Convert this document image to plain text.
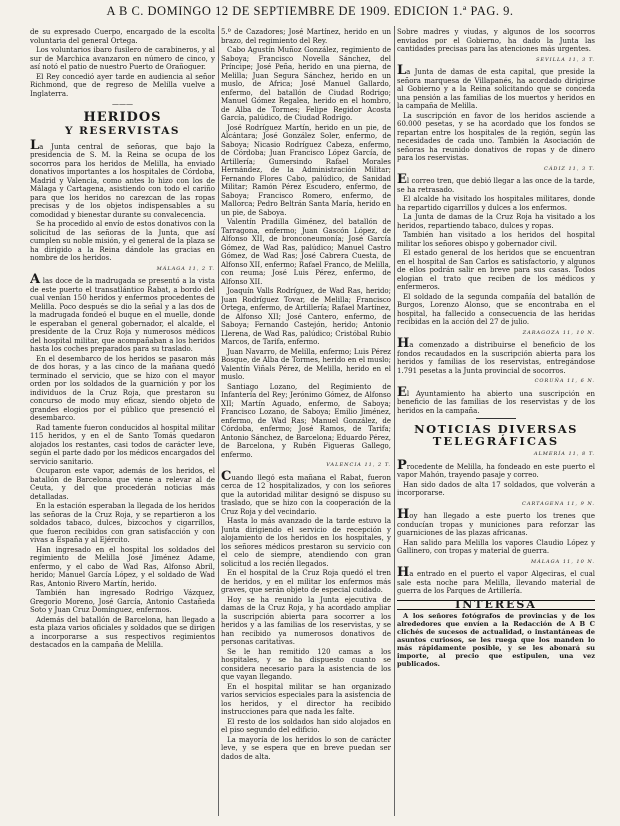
A B C. DOMINGO 12 DE SEPTIEMBRE DE 1909. EDICION 1.ª PAG. 9.

de su expresado Cuerpo, encargado de la escolta voluntaria del general Ortega.

Los voluntarios ibaro fusilero de carabineros, y al sur de Marchica avanzaron en número de cinco, y así notó el patio de nuestro Puerto de Orañoguer.

El Rey concedió ayer tarde en audiencia al señor Richmond, que de regreso de Melilla vuelve a Inglaterra.

———
HERIDOS
Y RESERVISTAS

La Junta central de señoras, que bajo la presidencia de S. M. la Reina se ocupa de los socorros para los heridos de Melilla, ha enviado donativos importantes a los hospitales de Córdoba, Madrid y Valencia, como antes lo hizo con los de Málaga y Cartagena, asistiendo con todo el cariño para que los heridos no carezcan de las ropas precisas y de los objetos indispensables a su comodidad y bienestar durante su convalecencia.

Se ha procedido al envío de estos donativos con la solicitud de las señoras de la Junta, que así cumplen su noble misión, y el general de la plaza se ha dirigido a la Reina dándole las gracias en nombre de los heridos.

MÁLAGA 11, 2 T.

A las doce de la madrugada se presentó a la vista de este puerto el transatlántico Rabat, a bordo del cual venían 150 heridos y enfermos procedentes de Melilla. Poco después se dio la señal y a las dos de la madrugada fondeó el buque en el muelle, donde le esperaban el general gobernador, el alcalde, el presidente de la Cruz Roja y numerosos médicos del hospital militar, que acompañaban a los heridos hasta los coches preparados para su traslado.

En el desembarco de los heridos se pasaron más de dos horas, y a las cinco de la mañana quedó terminado el servicio, que se hizo con el mayor orden por los soldados de la guarnición y por los individuos de la Cruz Roja, que prestaron su concurso de modo muy eficaz, siendo objeto de grandes elogios por el público que presenció el desembarco.

Rad tamente fueron conducidos al hospital militar 115 heridos, y en el de Santo Tomás quedaron alojados los restantes, casi todos de carácter leve, según el parte dado por los médicos encargados del servicio sanitario.

Ocuparon este vapor, además de los heridos, el batallón de Barcelona que viene a relevar al de Ceuta, y del que procederán noticias más detalladas.

En la estación esperaban la llegada de los heridos las señoras de la Cruz Roja, y se repartieron a los soldados tabaco, dulces, bizcochos y cigarrillos, que fueron recibidos con gran satisfacción y con vivas a España y al Ejército.

Han ingresado en el hospital los soldados del regimiento de Melilla José Jiménez Adame, enfermo, y el cabo de Wad Ras, Alfonso Abril, herido; Manuel García López, y el soldado de Wad Ras, Antonio Rivero Martín, herido.

También han ingresado Rodrigo Vázquez, Gregorio Moreno, José García, Antonio Castañeda Soto y Juan Cruz Domínguez, enfermos.

Además del batallón de Barcelona, han llegado a esta plaza varios oficiales y soldados que se dirigen a incorporarse a sus respectivos regimientos destacados en la campaña de Melilla.

5.º de Cazadores; José Martínez, herido en un brazo, del regimiento del Rey.

Cabo Agustín Muñoz González, regimiento de Saboya; Francisco Novella Sánchez, del Príncipe; José Peña, herido en una pierna, de Melilla; Juan Segura Sánchez, herido en un muslo, de Africa; José Manuel Gallardo, enfermo, del batallón de Ciudad Rodrigo; Manuel Gómez Regalea, herido en el hombro, de Alba de Tormes; Felipe Regidor Acosta García, palúdico, de Ciudad Rodrigo.

José Rodríguez Martín, herido en un pie, de Alcántara; José González Soler, enfermo, de Saboya; Nicasio Rodríguez Cabeza, enfermo, de Córdoba; Juan Francisco López García, de Artillería; Gumersindo Rafael Morales Hernández, de la Administración Militar; Fernando Flores Cabo, palúdico, de Sanidad Militar; Ramón Pérez Escudero, enfermo, de Saboya; Francisco Romero, enfermo, de Mallorca; Pedro Beltrán Santa María, herido en un pie, de Saboya.

Valentín Pradilla Giménez, del batallón de Tarragona, enfermo; Juan Gascón López, de Alfonso XII, de bronconeumonía; José García Gómez, de Wad Ras, palúdico; Manuel Castro Gómez, de Wad Ras; José Cabrera Cuesta, de Alfonso XII, enfermo; Rafael Franco, de Melilla, con reuma; José Luis Pérez, enfermo, de Alfonso XII.

Joaquín Valls Rodríguez, de Wad Ras, herido; Juan Rodríguez Tovar, de Melilla; Francisco Ortega, enfermo, de Artillería; Rafael Martínez, de Alfonso XII; José Cantero, enfermo, de Saboya; Fernando Castejón, herido; Antonio Llerena, de Wad Ras, palúdico; Cristóbal Rubio Marcos, de Tarifa, enfermo.

Juan Navarro, de Melilla, enfermo; Luis Pérez Bosque, de Alba de Tormes, herido en el muslo; Valentín Viñals Pérez, de Melilla, herido en el muslo.

Santiago Lozano, del Regimiento de Infantería del Rey; Jerónimo Gómez, de Alfonso XII; Martín Aguado, enfermo, de Saboya; Francisco Lozano, de Saboya; Emilio Jiménez, enfermo, de Wad Ras; Manuel González, de Córdoba, enfermo; José Ramos, de Tarifa; Antonio Sánchez, de Barcelona; Eduardo Pérez, de Barcelona, y Rubén Figueras Gallego, enfermo.

VALENCIA 11, 2 T.

Cuando llegó esta mañana el Rabat, fueron cerca de 12 hospitalizados, y con los señores que la autoridad militar designó se dispuso su traslado, que se hizo con la cooperación de la Cruz Roja y del vecindario.

Hasta lo más avanzado de la tarde estuvo la Junta dirigiendo el servicio de recepción y alojamiento de los heridos en los hospitales, y los señores médicos prestaron su servicio con el celo de siempre, atendiendo con gran solicitud a los recién llegados.

En el hospital de la Cruz Roja quedó el tren de heridos, y en el militar los enfermos más graves, que serán objeto de especial cuidado.

Hoy se ha reunido la Junta ejecutiva de damas de la Cruz Roja, y ha acordado ampliar la suscripción abierta para socorrer a los heridos y a las familias de los reservistas, y se han recibido ya numerosos donativos de personas caritativas.

Se le han remitido 120 camas a los hospitales, y se ha dispuesto cuanto se considera necesario para la asistencia de los que vayan llegando.

En el hospital militar se han organizado varios servicios especiales para la asistencia de los heridos, y el director ha recibido instrucciones para que nada les falte.

El resto de los soldados han sido alojados en el piso segundo del edificio.

La mayoría de los heridos lo son de carácter leve, y se espera que en breve puedan ser dados de alta.

Sobre madres y viudas, y algunos de los socorros enviados por el Gobierno, ha dado la Junta las cantidades precisas para las atenciones más urgentes.

SEVILLA 11, 3 T.

La Junta de damas de esta capital, que preside la señora marquesa de Villapanés, ha acordado dirigirse al Gobierno y a la Reina solicitando que se conceda una pensión a las familias de los muertos y heridos en la campaña de Melilla.

La suscripción en favor de los heridos asciende a 60.000 pesetas, y se ha acordado que los fondos se repartan entre los hospitales de la región, según las necesidades de cada uno. También la Asociación de señoras ha reunido donativos de ropas y de dinero para los reservistas.

CÁDIZ 11, 3 T.

El correo tren, que debió llegar a las once de la tarde, se ha retrasado.

El alcalde ha visitado los hospitales militares, donde ha repartido cigarrillos y dulces a los enfermos.

La Junta de damas de la Cruz Roja ha visitado a los heridos, repartiendo tabaco, dulces y ropas.

También han visitado a los heridos del hospital militar los señores obispo y gobernador civil.

El estado general de los heridos que se encuentran en el hospital de San Carlos es satisfactorio, y algunos de ellos podrán salir en breve para sus casas. Todos elogian el trato que reciben de los médicos y enfermeros.

El soldado de la segunda compañía del batallón de Burgos, Lorenzo Alonso, que se encontraba en el hospital, ha fallecido a consecuencia de las heridas recibidas en la acción del 27 de julio.

ZARAGOZA 11, 10 N.

Ha comenzado a distribuirse el beneficio de los fondos recaudados en la suscripción abierta para los heridos y familias de los reservistas, entregándose 1.791 pesetas a la Junta provincial de socorros.

CORUÑA 11, 6 N.

El Ayuntamiento ha abierto una suscripción en beneficio de las familias de los reservistas y de los heridos en la campaña.

NOTICIAS DIVERSAS
TELEGRÁFICAS
ALMERÍA 11, 8 T.

Procedente de Melilla, ha fondeado en este puerto el vapor Mahón, trayendo pasaje y correo.

Han sido dados de alta 17 soldados, que volverán a incorporarse.

CARTAGENA 11, 9 N.

Hoy han llegado a este puerto los trenes que conducían tropas y municiones para reforzar las guarniciones de las plazas africanas.

Han salido para Melilla los vapores Claudio López y Gallinero, con tropas y material de guerra.

MÁLAGA 11, 10 N.

Ha entrado en el puerto el vapor Algeciras, el cual sale esta noche para Melilla, llevando material de guerra de los Parques de Artillería.

INTERESA

A los señores fotógrafos de provincias y de los alrededores que envíen a la Redacción de A B C clichés de sucesos de actualidad, o instantáneas de asuntos curiosos, se les ruega que los manden lo más rápidamente posible, y se les abonará su importe, al precio que estipulen, una vez publicados.
